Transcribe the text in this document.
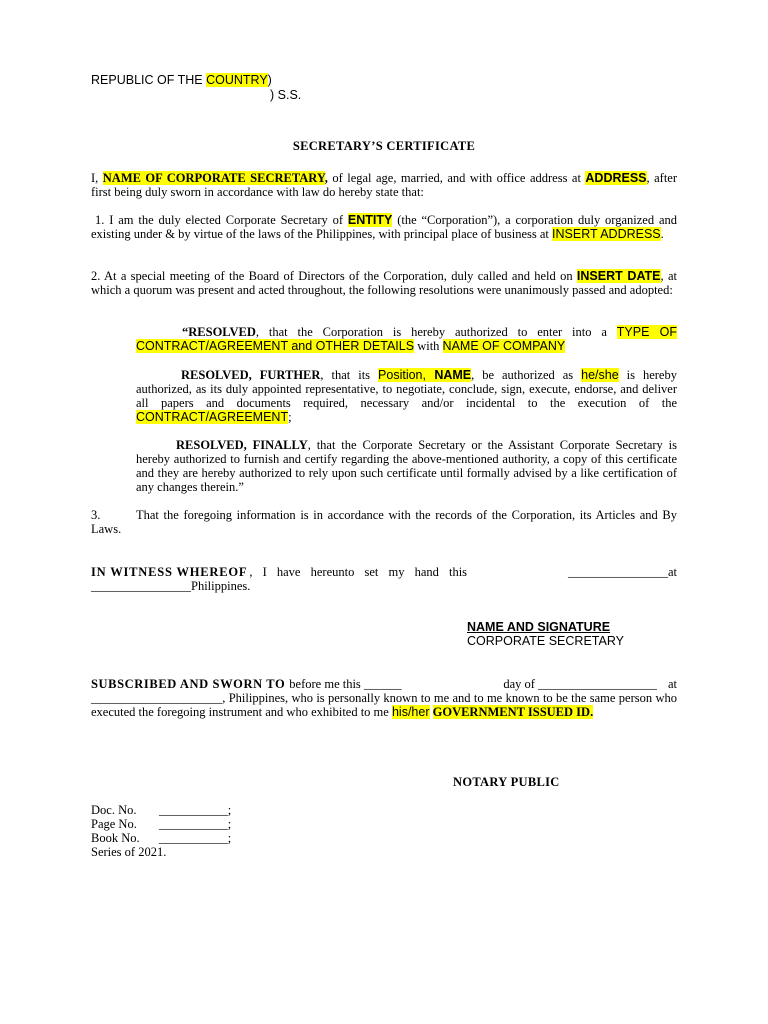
REPUBLIC OF THE COUNTRY)
) S.S.
SECRETARY’S CERTIFICATE
I, NAME OF CORPORATE SECRETARY, of legal age, married, and with office address at ADDRESS, after first being duly sworn in accordance with law do hereby state that:
1. I am the duly elected Corporate Secretary of ENTITY (the “Corporation”), a corporation duly organized and existing under & by virtue of the laws of the Philippines, with principal place of business at INSERT ADDRESS.
2. At a special meeting of the Board of Directors of the Corporation, duly called and held on INSERT DATE, at which a quorum was present and acted throughout, the following resolutions were unanimously passed and adopted:
“RESOLVED, that the Corporation is hereby authorized to enter into a TYPE OF CONTRACT/AGREEMENT and OTHER DETAILS with NAME OF COMPANY
RESOLVED, FURTHER, that its Position, NAME, be authorized as he/she is hereby authorized, as its duly appointed representative, to negotiate, conclude, sign, execute, endorse, and deliver all papers and documents required, necessary and/or incidental to the execution of the CONTRACT/AGREEMENT;
RESOLVED, FINALLY, that the Corporate Secretary or the Assistant Corporate Secretary is hereby authorized to furnish and certify regarding the above-mentioned authority, a copy of this certificate and they are hereby authorized to rely upon such certificate until formally advised by a like certification of any changes therein.”
3.	That the foregoing information is in accordance with the records of the Corporation, its Articles and By Laws.
IN WITNESS WHEREOF , I have hereunto set my hand this	________________at
________________Philippines.
NAME AND SIGNATURE
CORPORATE SECRETARY
SUBSCRIBED AND SWORN TO before me this ______	day of ___________________ at
_____________________, Philippines, who is personally known to me and to me known to be the same person who executed the foregoing instrument and who exhibited to me his/her GOVERNMENT ISSUED ID.
NOTARY PUBLIC
Doc. No. ___________;
Page No. ___________;
Book No. ___________;
Series of 2021.
